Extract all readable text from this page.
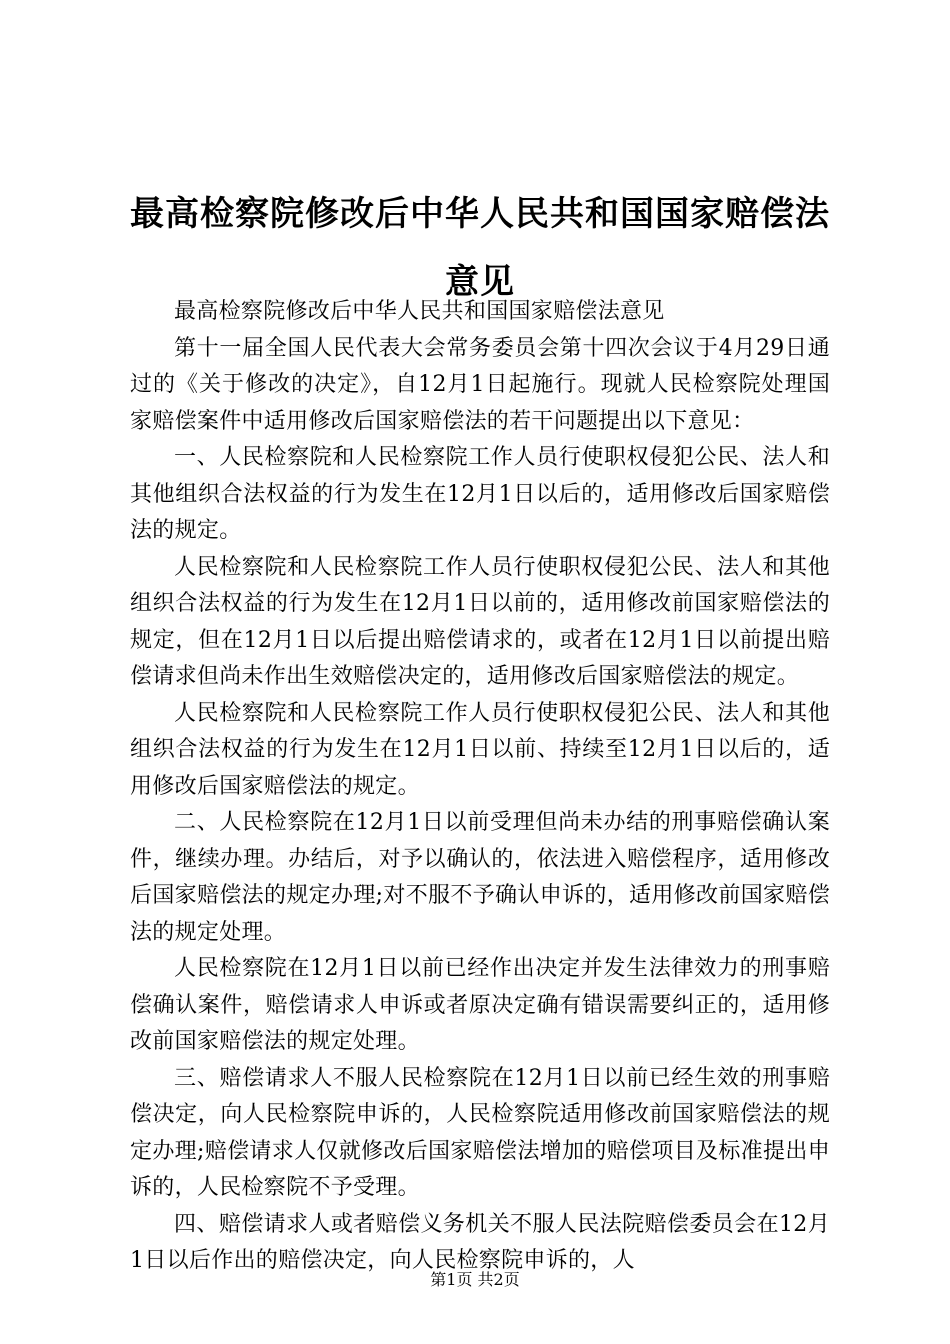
最高检察院修改后中华人民共和国国家赔偿法意见

最高检察院修改后中华人民共和国国家赔偿法意见

第十一届全国人民代表大会常务委员会第十四次会议于4月29日通过的《关于修改的决定》，自12月1日起施行。现就人民检察院处理国家赔偿案件中适用修改后国家赔偿法的若干问题提出以下意见：

一、人民检察院和人民检察院工作人员行使职权侵犯公民、法人和其他组织合法权益的行为发生在12月1日以后的，适用修改后国家赔偿法的规定。

人民检察院和人民检察院工作人员行使职权侵犯公民、法人和其他组织合法权益的行为发生在12月1日以前的，适用修改前国家赔偿法的规定，但在12月1日以后提出赔偿请求的，或者在12月1日以前提出赔偿请求但尚未作出生效赔偿决定的，适用修改后国家赔偿法的规定。

人民检察院和人民检察院工作人员行使职权侵犯公民、法人和其他组织合法权益的行为发生在12月1日以前、持续至12月1日以后的，适用修改后国家赔偿法的规定。

二、人民检察院在12月1日以前受理但尚未办结的刑事赔偿确认案件，继续办理。办结后，对予以确认的，依法进入赔偿程序，适用修改后国家赔偿法的规定办理;对不服不予确认申诉的，适用修改前国家赔偿法的规定处理。

人民检察院在12月1日以前已经作出决定并发生法律效力的刑事赔偿确认案件，赔偿请求人申诉或者原决定确有错误需要纠正的，适用修改前国家赔偿法的规定处理。

三、赔偿请求人不服人民检察院在12月1日以前已经生效的刑事赔偿决定，向人民检察院申诉的，人民检察院适用修改前国家赔偿法的规定办理;赔偿请求人仅就修改后国家赔偿法增加的赔偿项目及标准提出申诉的，人民检察院不予受理。

四、赔偿请求人或者赔偿义务机关不服人民法院赔偿委员会在12月1日以后作出的赔偿决定，向人民检察院申诉的，人

第1页 共2页
